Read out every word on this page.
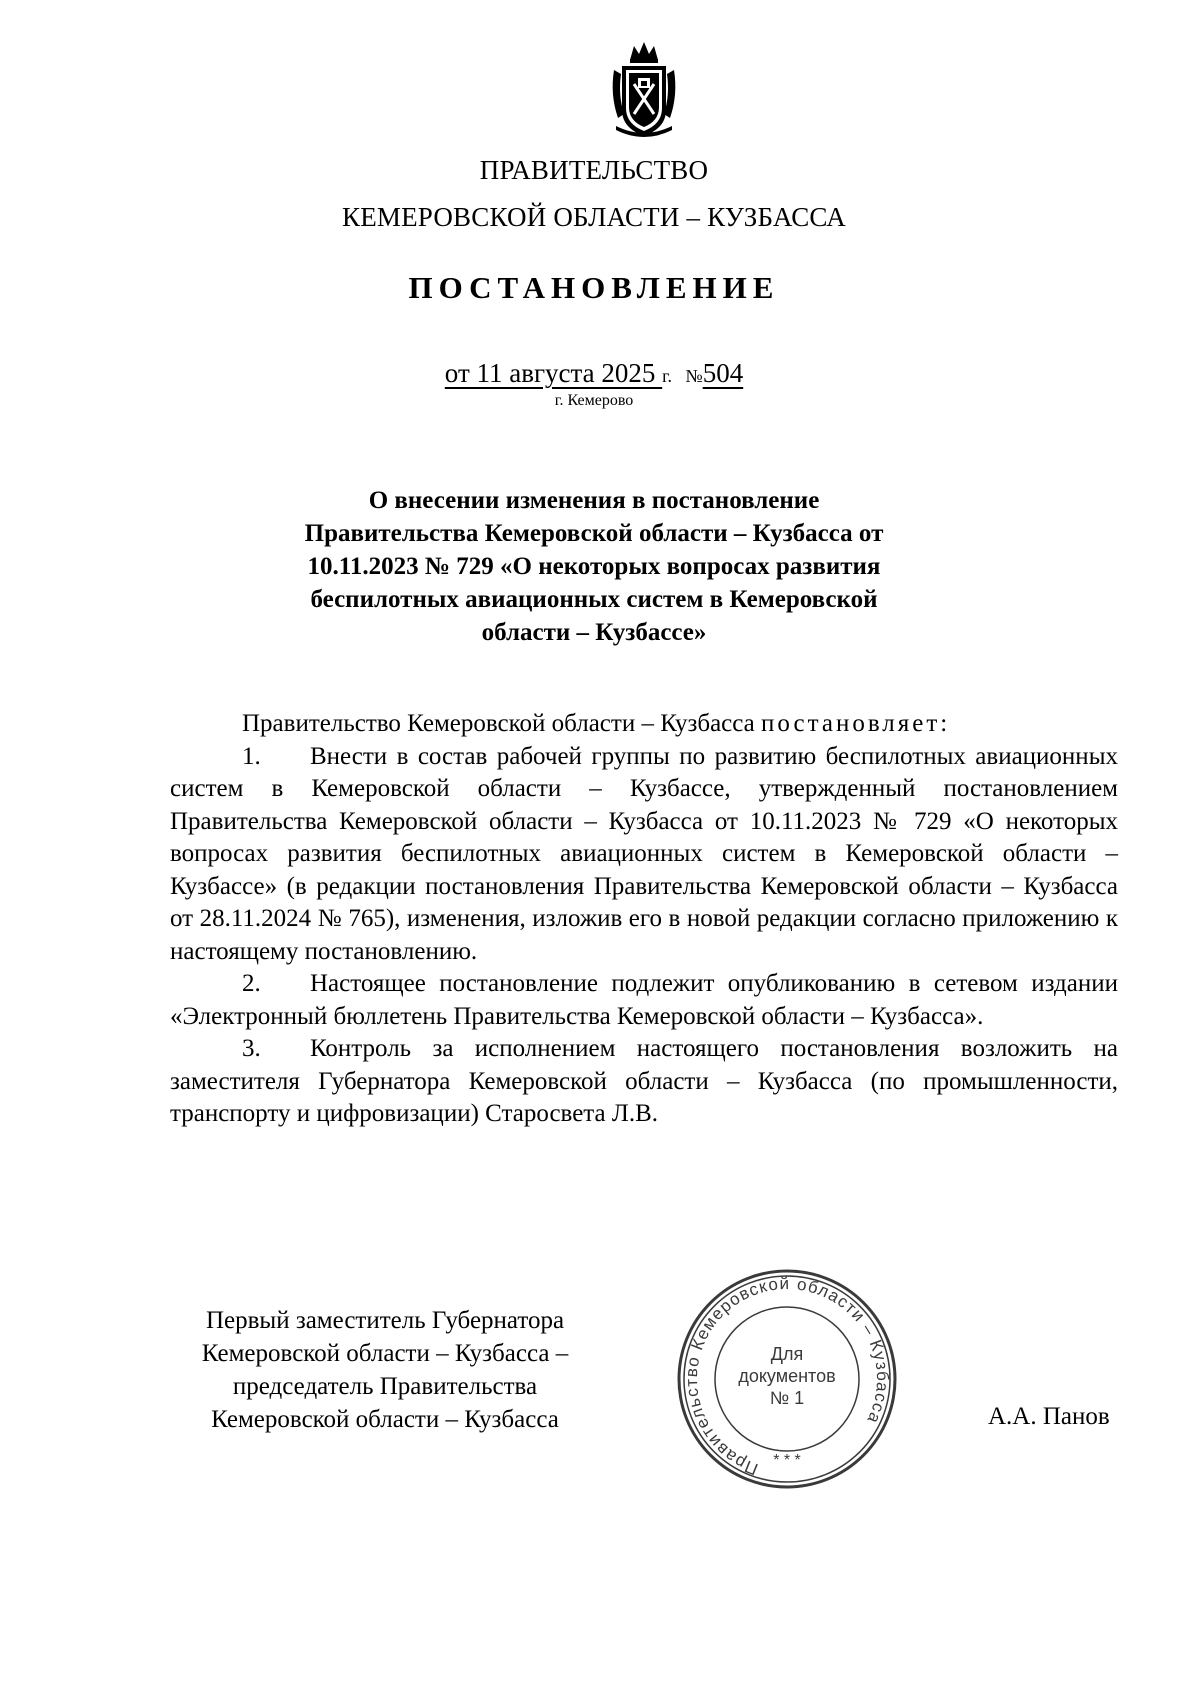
ПРАВИТЕЛЬСТВО
КЕМЕРОВСКОЙ ОБЛАСТИ – КУЗБАССА
ПОСТАНОВЛЕНИЕ
от 11 августа 2025 г. №504
г. Кемерово
О внесении изменения в постановление
Правительства Кемеровской области – Кузбасса от
10.11.2023 № 729 «О некоторых вопросах развития
беспилотных авиационных систем в Кемеровской
области – Кузбассе»

Правительство Кемеровской области – Кузбасса постановляет:

1. Внести в состав рабочей группы по развитию беспилотных авиационных систем в Кемеровской области – Кузбассе, утвержденный постановлением Правительства Кемеровской области – Кузбасса от 10.11.2023 № 729 «О некоторых вопросах развития беспилотных авиационных систем в Кемеровской области – Кузбассе» (в редакции постановления Правительства Кемеровской области – Кузбасса от 28.11.2024 № 765), изменения, изложив его в новой редакции согласно приложению к настоящему постановлению.

2. Настоящее постановление подлежит опубликованию в сетевом издании «Электронный бюллетень Правительства Кемеровской области – Кузбасса».

3. Контроль за исполнением настоящего постановления возложить на заместителя Губернатора Кемеровской области – Кузбасса (по промышленности, транспорту и цифровизации) Старосвета Л.В.

Первый заместитель Губернатора
Кемеровской области – Кузбасса –
председатель Правительства
Кемеровской области – Кузбасса	А.А. Панов
Правительство Кемеровской области – Кузбасса
* * *
Для
документов
№ 1
